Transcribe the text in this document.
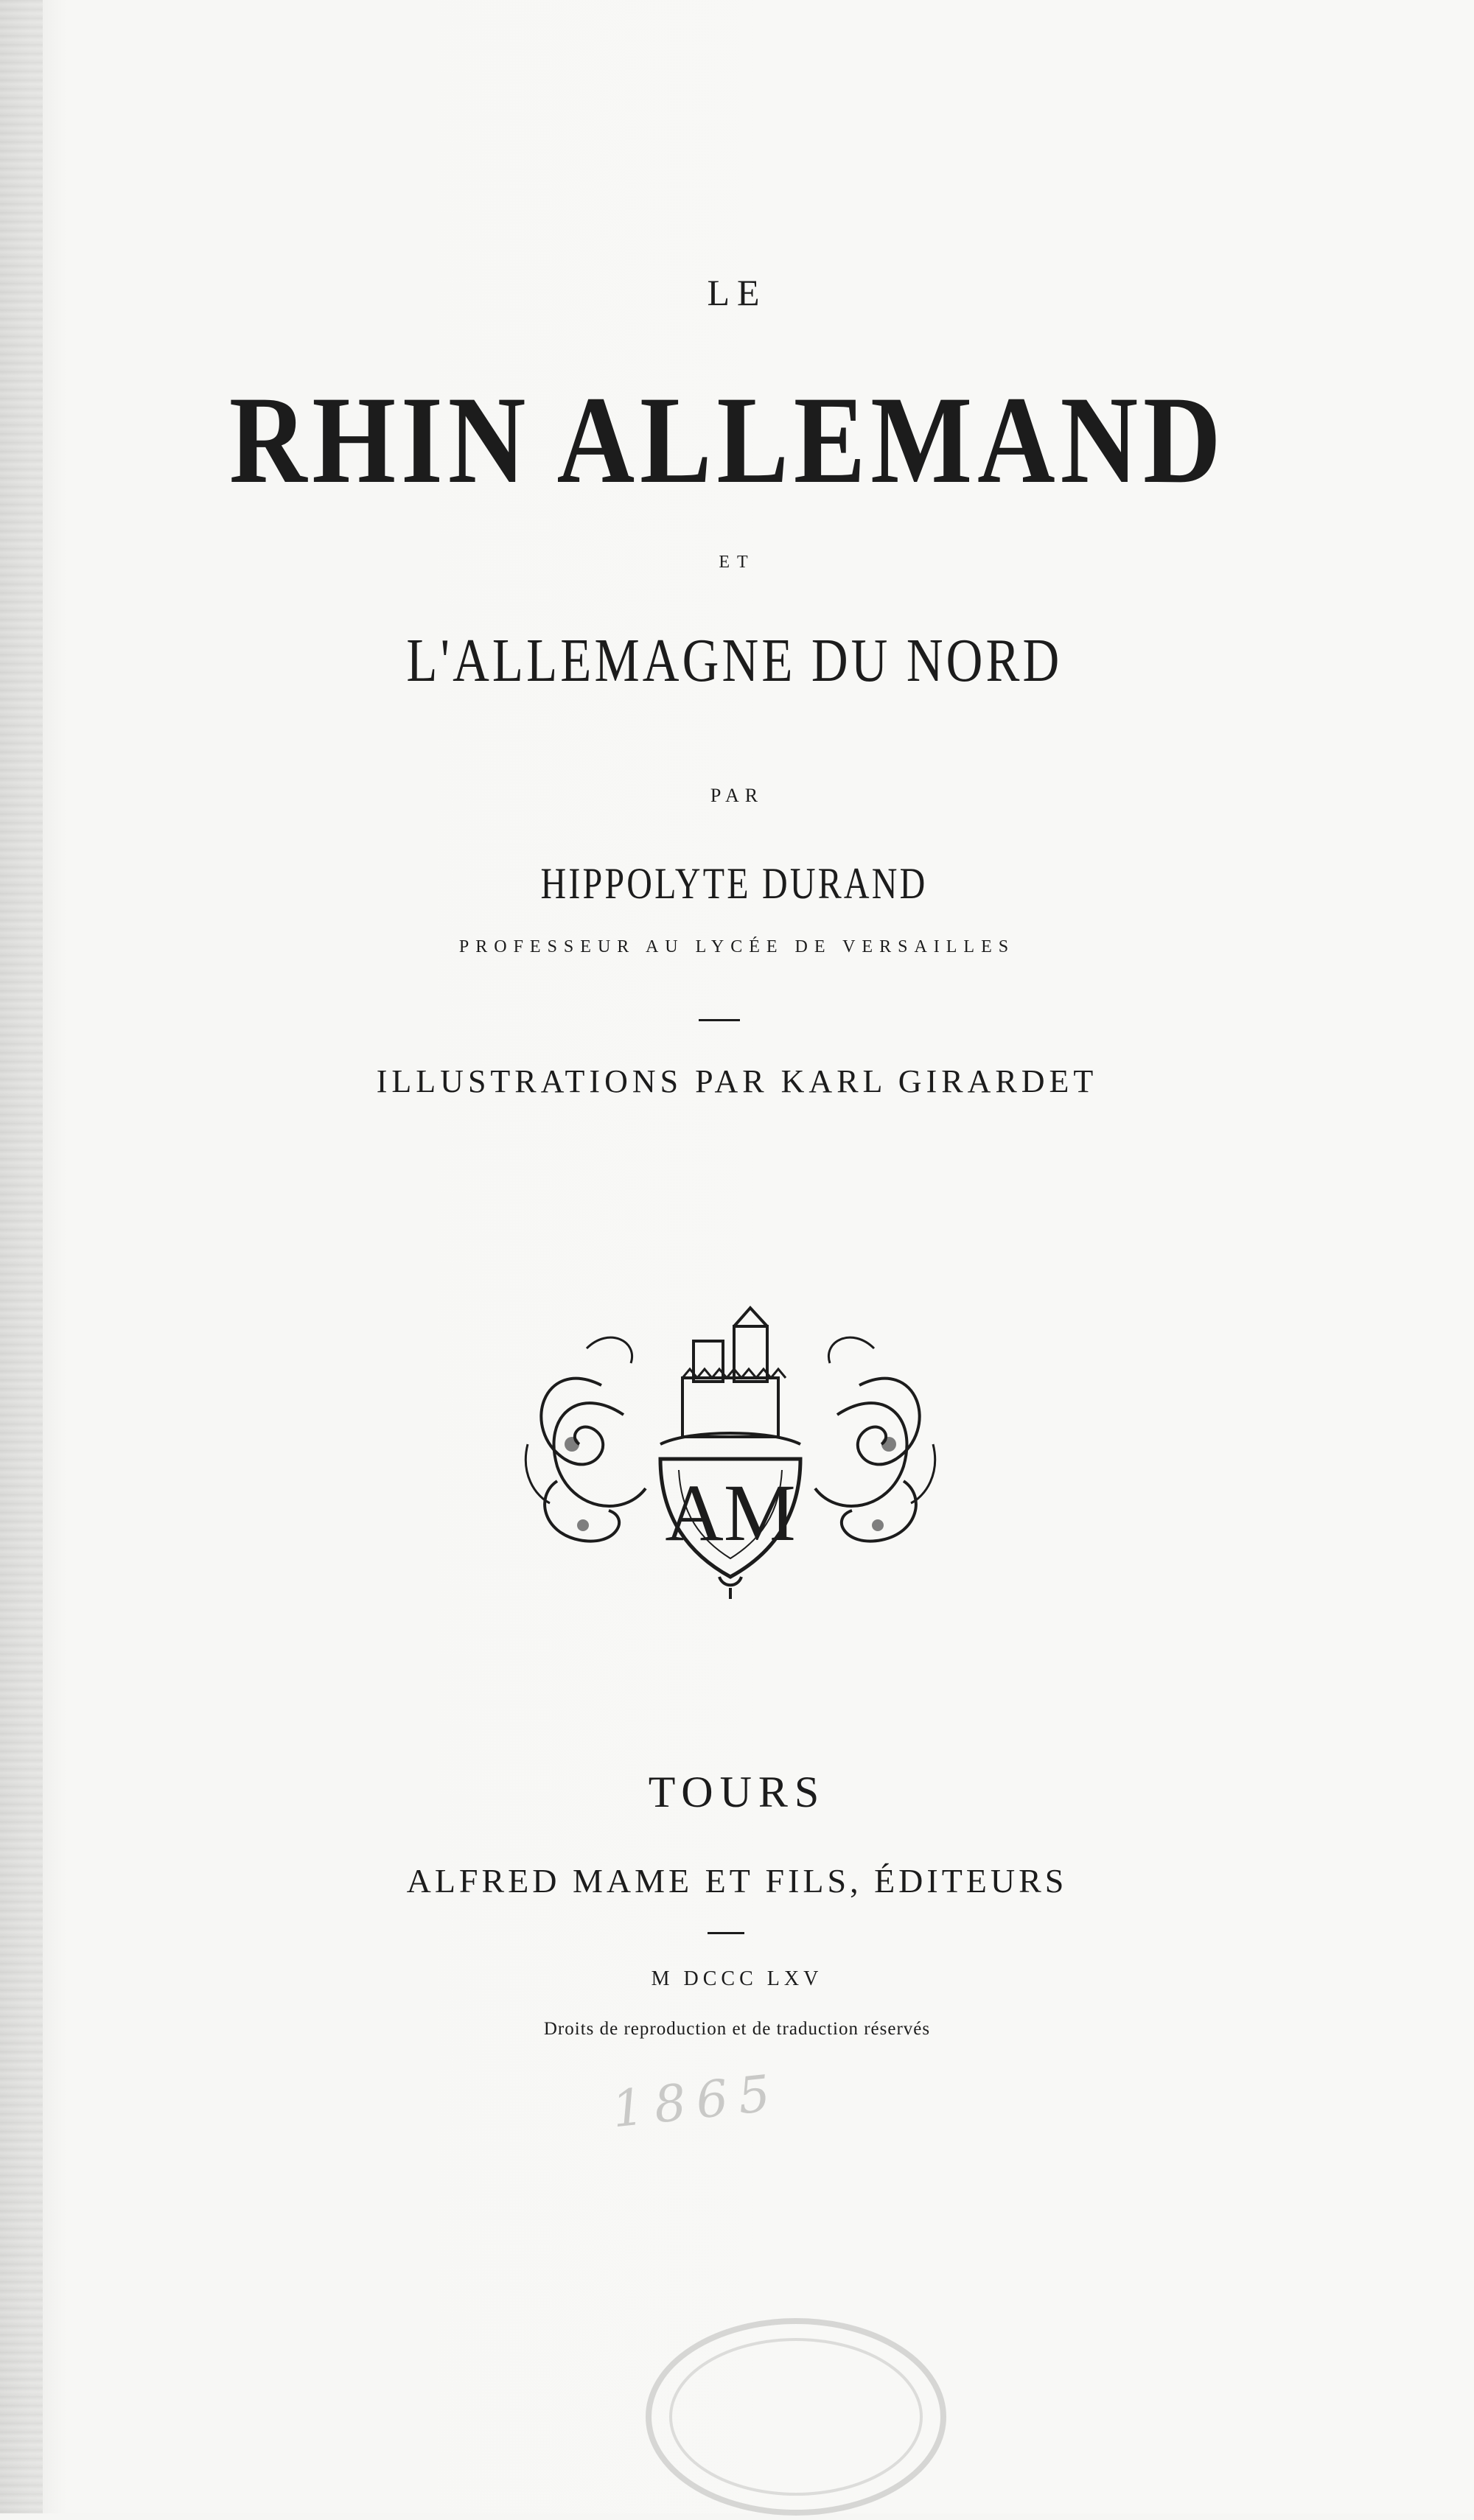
LE
RHIN ALLEMAND
ET
L'ALLEMAGNE DU NORD
PAR
HIPPOLYTE DURAND
PROFESSEUR AU LYCÉE DE VERSAILLES
ILLUSTRATIONS PAR KARL GIRARDET
AM
TOURS
ALFRED MAME ET FILS, ÉDITEURS
M DCCC LXV
Droits de reproduction et de traduction réservés
1865
